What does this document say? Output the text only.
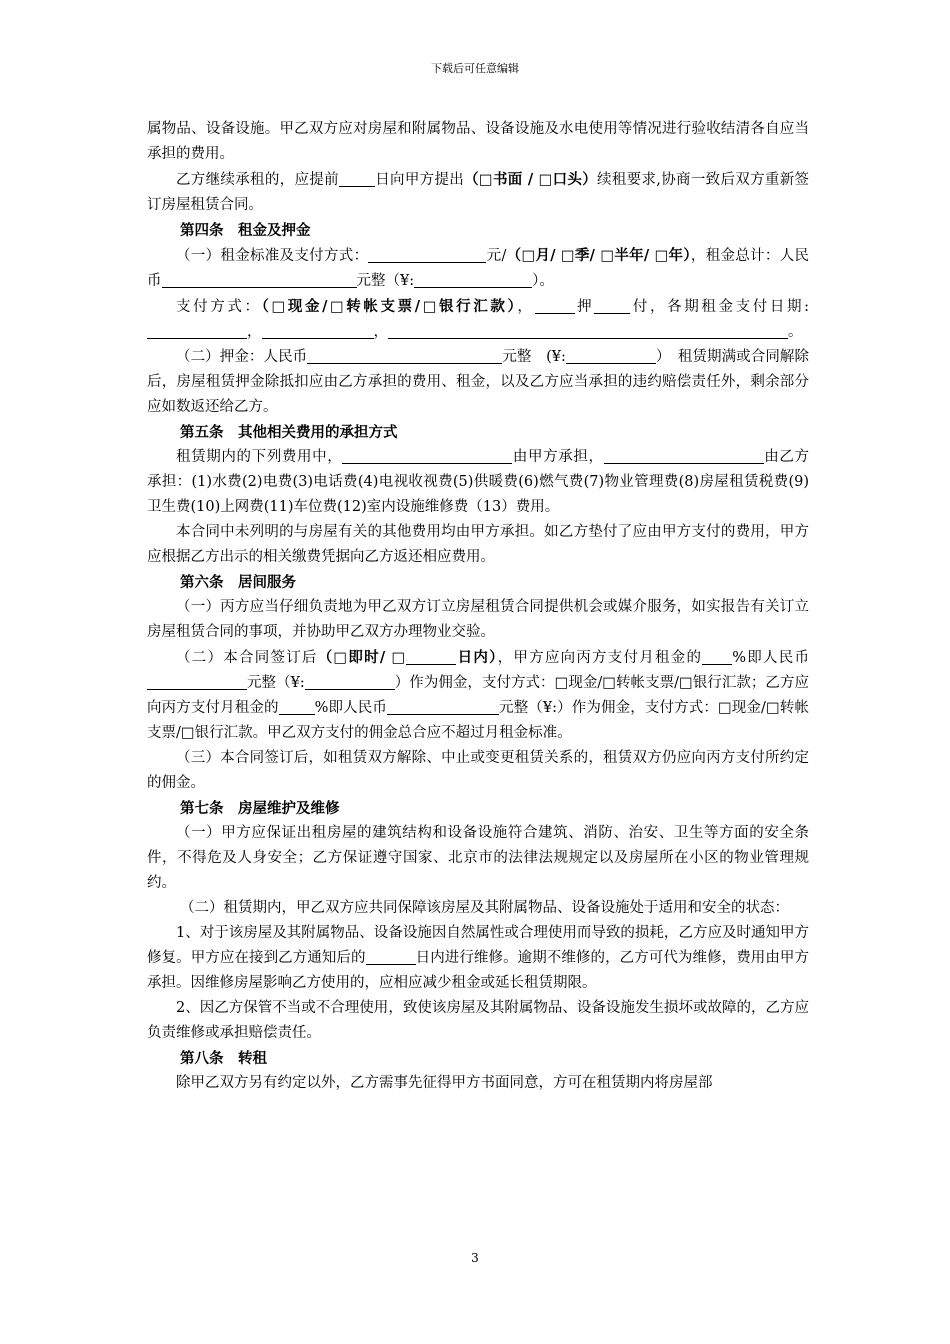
下载后可任意编辑

属物品、设备设施。甲乙双方应对房屋和附属物品、设备设施及水电使用等情况进行验收结清各自应当承担的费用。

乙方继续承租的，应提前 日向甲方提出（□书面 / □口头）续租要求,协商一致后双方重新签订房屋租赁合同。

第四条　租金及押金

（一）租金标准及支付方式：	元/（□月/ □季/ □半年/ □年），租金总计：人民币	元整（¥:	）。

支付方式：（□现金/□转帐支票/□银行汇款），	押 付，各期租金支付日期:，	，	。

（二）押金：人民币	元整　(¥:	）　租赁期满或合同解除后，房屋租赁押金除抵扣应由乙方承担的费用、租金，以及乙方应当承担的违约赔偿责任外，剩余部分应如数返还给乙方。

第五条　其他相关费用的承担方式

租赁期内的下列费用中，	由甲方承担，	由乙方承担：(1)水费(2)电费(3)电话费(4)电视收视费(5)供暖费(6)燃气费(7)物业管理费(8)房屋租赁税费(9)卫生费(10)上网费(11)车位费(12)室内设施维修费（13）费用。

本合同中未列明的与房屋有关的其他费用均由甲方承担。如乙方垫付了应由甲方支付的费用，甲方应根据乙方出示的相关缴费凭据向乙方返还相应费用。

第六条　居间服务

（一）丙方应当仔细负责地为甲乙双方订立房屋租赁合同提供机会或媒介服务，如实报告有关订立房屋租赁合同的事项，并协助甲乙双方办理物业交验。

（二）本合同签订后（□即时/ □	日内），甲方应向丙方支付月租金的 %即人民币元整（¥:	）作为佣金，支付方式：□现金/□转帐支票/□银行汇款；乙方应向丙方支付月租金的 %即人民币	元整（¥:）作为佣金，支付方式：□现金/□转帐支票/□银行汇款。甲乙双方支付的佣金总合应不超过月租金标准。

（三）本合同签订后，如租赁双方解除、中止或变更租赁关系的，租赁双方仍应向丙方支付所约定的佣金。

第七条　房屋维护及维修

（一）甲方应保证出租房屋的建筑结构和设备设施符合建筑、消防、治安、卫生等方面的安全条件，不得危及人身安全；乙方保证遵守国家、北京市的法律法规规定以及房屋所在小区的物业管理规约。

（二）租赁期内，甲乙双方应共同保障该房屋及其附属物品、设备设施处于适用和安全的状态：

1、对于该房屋及其附属物品、设备设施因自然属性或合理使用而导致的损耗，乙方应及时通知甲方修复。甲方应在接到乙方通知后的	日内进行维修。逾期不维修的，乙方可代为维修，费用由甲方承担。因维修房屋影响乙方使用的，应相应减少租金或延长租赁期限。

2、因乙方保管不当或不合理使用，致使该房屋及其附属物品、设备设施发生损坏或故障的，乙方应负责维修或承担赔偿责任。

第八条　转租

除甲乙双方另有约定以外，乙方需事先征得甲方书面同意，方可在租赁期内将房屋部

3
